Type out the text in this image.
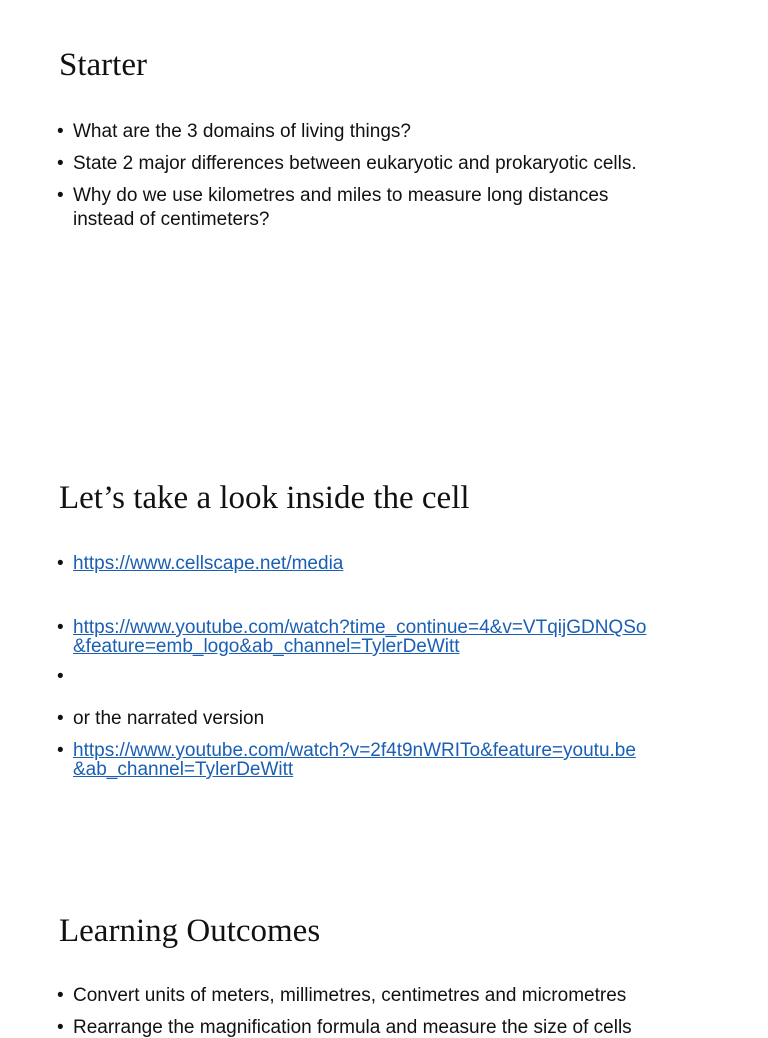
Starter
• What are the 3 domains of living things?
• State 2 major differences between eukaryotic and prokaryotic cells.
• Why do we use kilometres and miles to measure long distances
instead of centimeters?
Let’s take a look inside the cell
• https://www.cellscape.net/media
• https://www.youtube.com/watch?time_continue=4&v=VTqijGDNQSo
&feature=emb_logo&ab_channel=TylerDeWitt
•
• or the narrated version
• https://www.youtube.com/watch?v=2f4t9nWRITo&feature=youtu.be
&ab_channel=TylerDeWitt
Learning Outcomes
• Convert units of meters, millimetres, centimetres and micrometres
• Rearrange the magnification formula and measure the size of cells
